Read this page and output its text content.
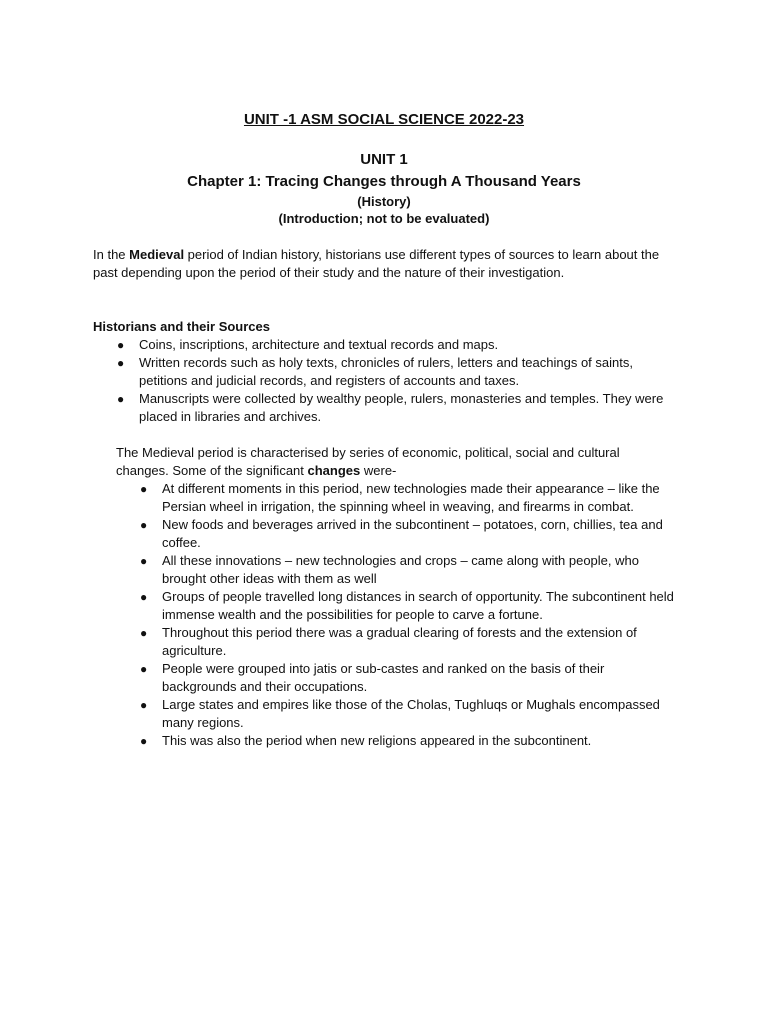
UNIT -1 ASM SOCIAL SCIENCE 2022-23
UNIT 1
Chapter 1: Tracing Changes through A Thousand Years
(History)
(Introduction; not to be evaluated)
In the Medieval period of Indian history, historians use different types of sources to learn about the past depending upon the period of their study and the nature of their investigation.
Historians and their Sources
● Coins, inscriptions, architecture and textual records and maps.
● Written records such as holy texts, chronicles of rulers, letters and teachings of saints, petitions and judicial records, and registers of accounts and taxes.
● Manuscripts were collected by wealthy people, rulers, monasteries and temples. They were placed in libraries and archives.
The Medieval period is characterised by series of economic, political, social and cultural changes. Some of the significant changes were-
● At different moments in this period, new technologies made their appearance – like the Persian wheel in irrigation, the spinning wheel in weaving, and firearms in combat.
● New foods and beverages arrived in the subcontinent – potatoes, corn, chillies, tea and coffee.
● All these innovations – new technologies and crops – came along with people, who brought other ideas with them as well
● Groups of people travelled long distances in search of opportunity. The subcontinent held immense wealth and the possibilities for people to carve a fortune.
● Throughout this period there was a gradual clearing of forests and the extension of agriculture.
● People were grouped into jatis or sub-castes and ranked on the basis of their backgrounds and their occupations.
● Large states and empires like those of the Cholas, Tughluqs or Mughals encompassed many regions.
● This was also the period when new religions appeared in the subcontinent.
